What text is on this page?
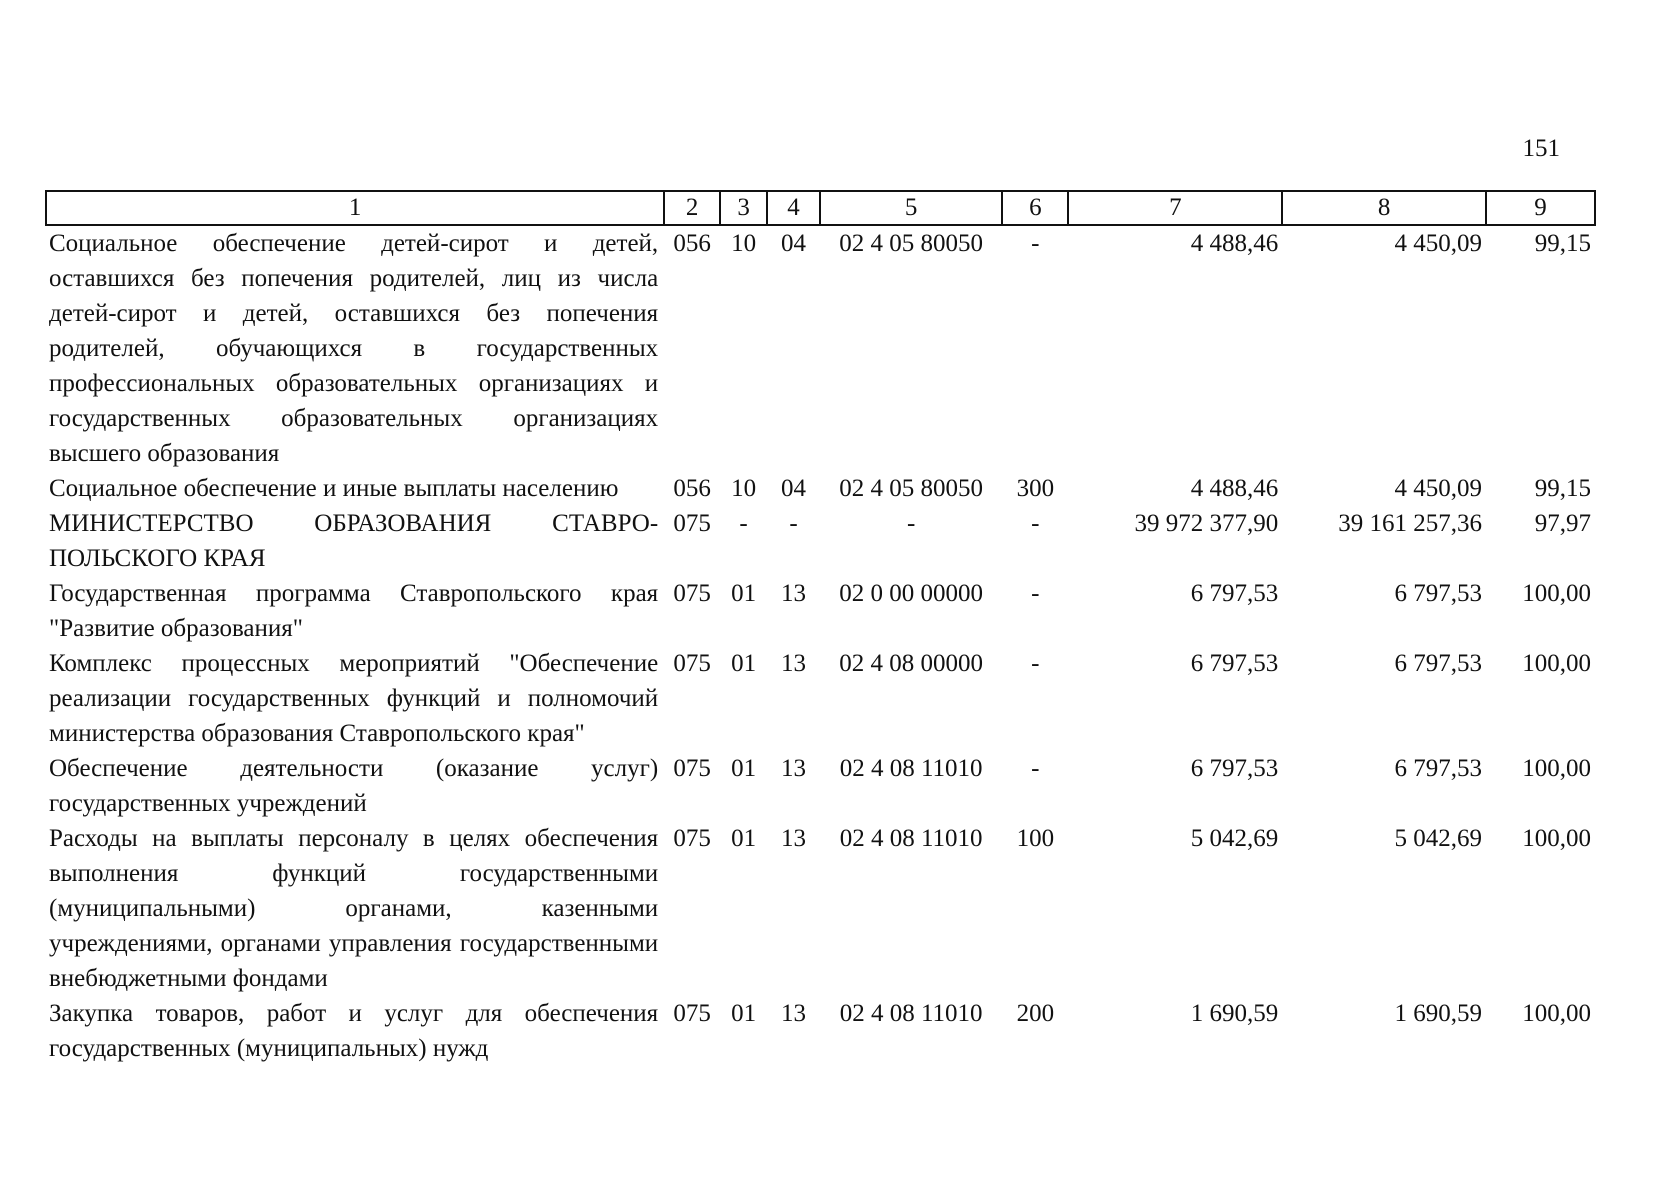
151
1	2	3	4	5	6	7	8	9
Социальное обеспечение детей-сирот и детей, оставшихся без попечения родителей, лиц из числа детей-сирот и детей, оставшихся без попечения родителей, обучающихся в государственных профессиональных образовательных организациях и государственных образовательных организациях высшего образования	056	10	04	02 4 05 80050	-	4 488,46	4 450,09	99,15
Социальное обеспечение и иные выплаты населению	056	10	04	02 4 05 80050	300	4 488,46	4 450,09	99,15
МИНИСТЕРСТВО ОБРАЗОВАНИЯ СТАВРО-ПОЛЬСКОГО КРАЯ	075	-	-	-	-	39 972 377,90	39 161 257,36	97,97
Государственная программа Ставропольского края "Развитие образования"	075	01	13	02 0 00 00000	-	6 797,53	6 797,53	100,00
Комплекс процессных мероприятий "Обеспечение реализации государственных функций и полномочий министерства образования Ставропольского края"	075	01	13	02 4 08 00000	-	6 797,53	6 797,53	100,00
Обеспечение деятельности (оказание услуг) государственных учреждений	075	01	13	02 4 08 11010	-	6 797,53	6 797,53	100,00
Расходы на выплаты персоналу в целях обеспечения выполнения функций государственными (муниципальными) органами, казенными учреждениями, органами управления государственными внебюджетными фондами	075	01	13	02 4 08 11010	100	5 042,69	5 042,69	100,00
Закупка товаров, работ и услуг для обеспечения государственных (муниципальных) нужд	075	01	13	02 4 08 11010	200	1 690,59	1 690,59	100,00
